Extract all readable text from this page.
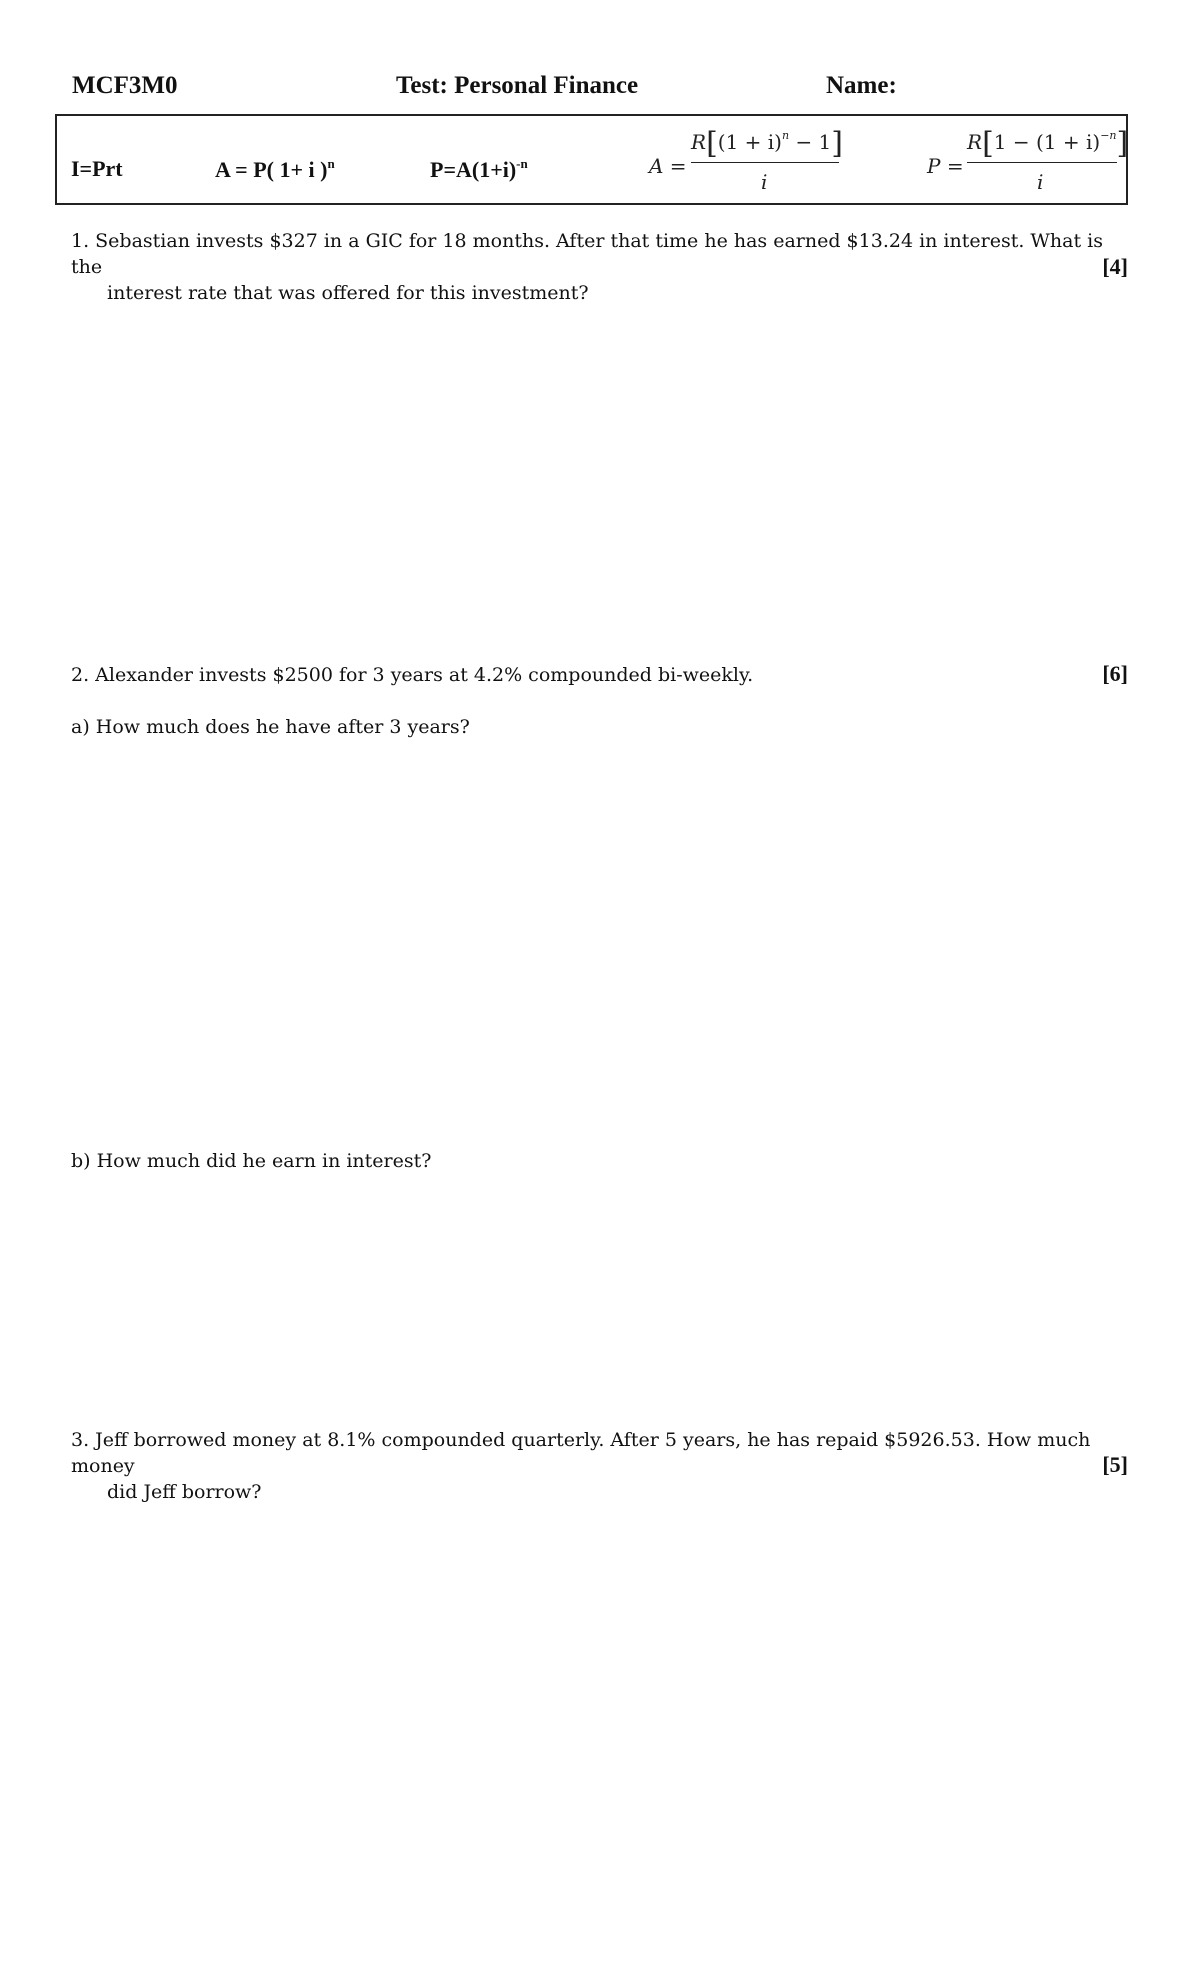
MCF3M0	Test: Personal Finance	Name:
I=Prt	A = P( 1+ i )$^n$	$P=A(1+i)^{-n}$	A =
$R[(1 + i)^n - 1]$
i
P =
$R[1 - (1 + i)^{-n}]$
i
1. Sebastian invests $327 in a GIC for 18 months. After that time he has earned $13.24 in interest. What is the
interest rate that was offered for this investment?
[4]
2. Alexander invests $2500 for 3 years at 4.2% compounded bi-weekly.	[6]
a) How much does he have after 3 years?
b) How much did he earn in interest?
3. Jeff borrowed money at 8.1% compounded quarterly. After 5 years, he has repaid $5926.53. How much money
did Jeff borrow?
[5]
